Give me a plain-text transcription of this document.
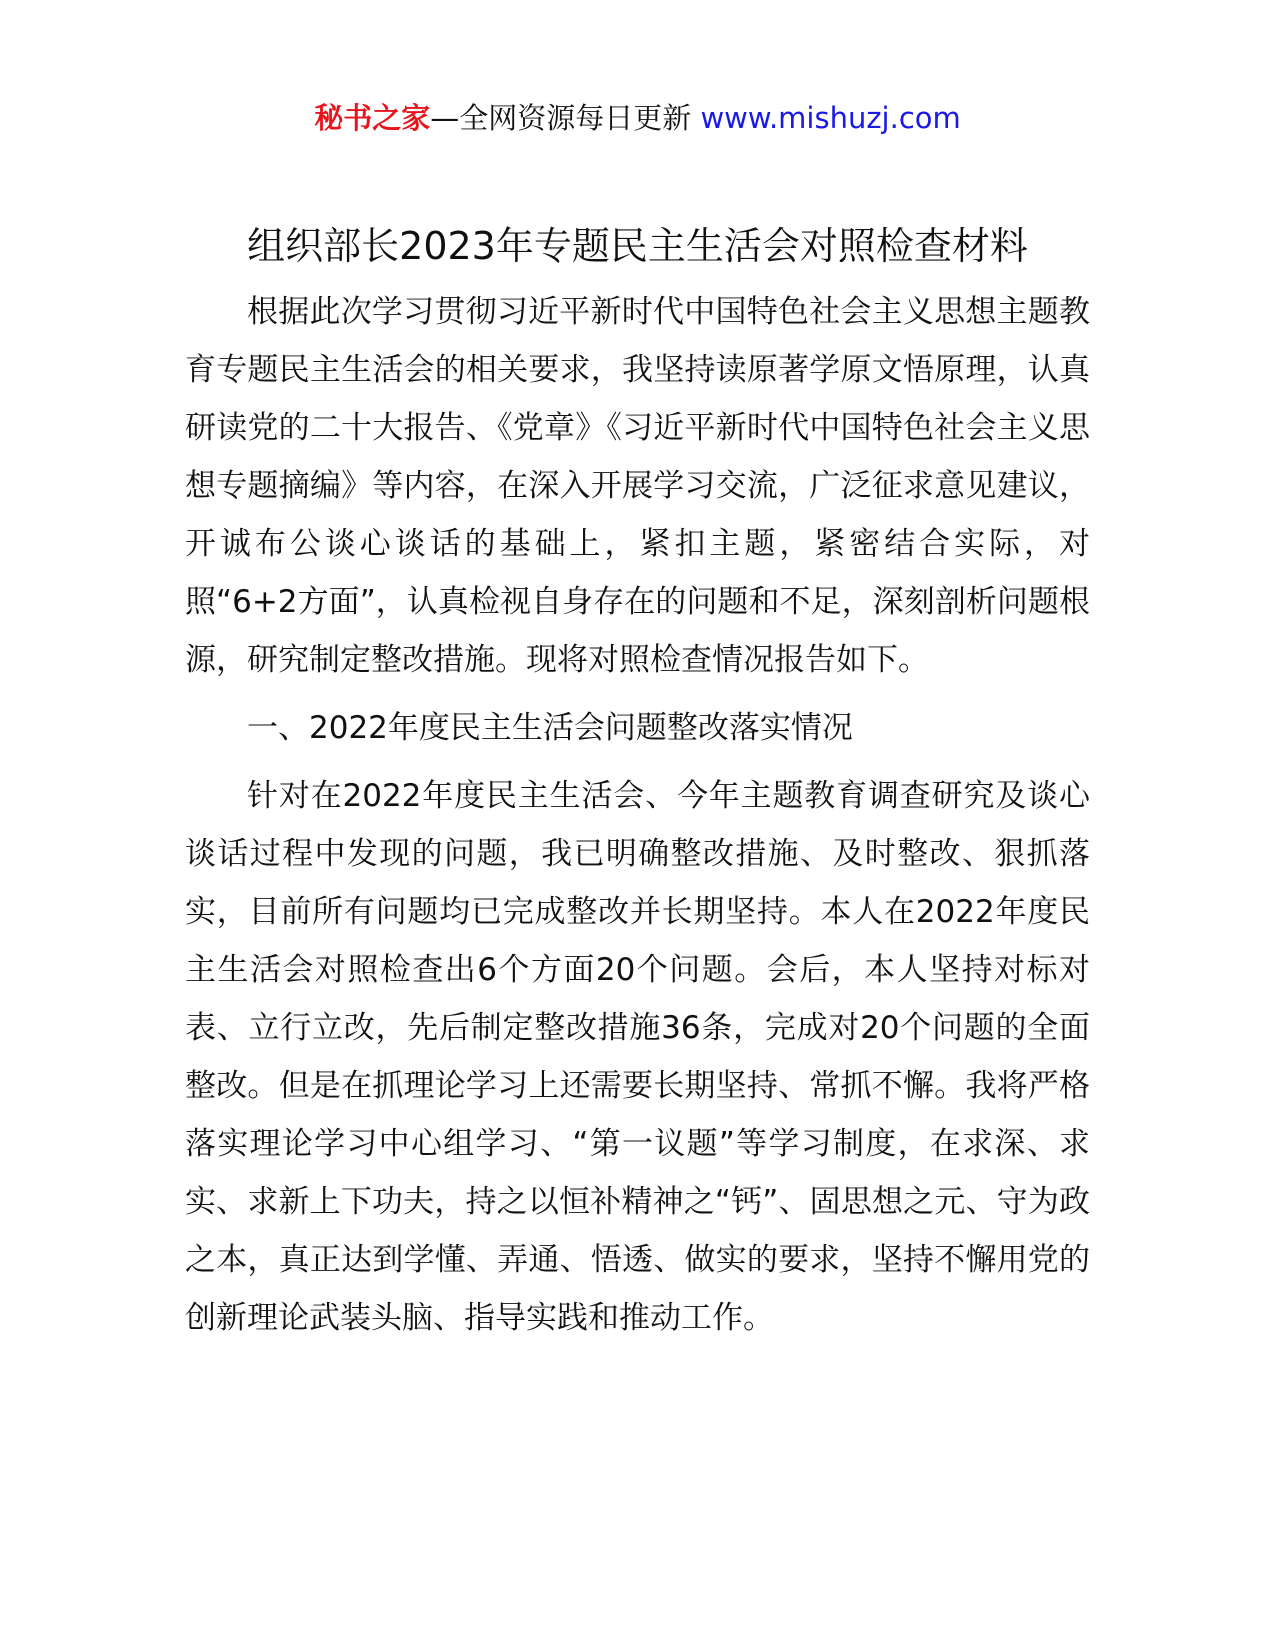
秘书之家—全网资源每日更新 www.mishuzj.com
组织部长2023年专题民主生活会对照检查材料

根据此次学习贯彻习近平新时代中国特色社会主义思想主题教育专题民主生活会的相关要求，我坚持读原著学原文悟原理，认真研读党的二十大报告、《党章》《习近平新时代中国特色社会主义思想专题摘编》等内容，在深入开展学习交流，广泛征求意见建议，开诚布公谈心谈话的基础上，紧扣主题，紧密结合实际，对照“6+2方面”，认真检视自身存在的问题和不足，深刻剖析问题根源，研究制定整改措施。现将对照检查情况报告如下。

一、2022年度民主生活会问题整改落实情况

针对在2022年度民主生活会、今年主题教育调查研究及谈心谈话过程中发现的问题，我已明确整改措施、及时整改、狠抓落实，目前所有问题均已完成整改并长期坚持。本人在2022年度民主生活会对照检查出6个方面20个问题。会后，本人坚持对标对表、立行立改，先后制定整改措施36条，完成对20个问题的全面整改。但是在抓理论学习上还需要长期坚持、常抓不懈。我将严格落实理论学习中心组学习、“第一议题”等学习制度，在求深、求实、求新上下功夫，持之以恒补精神之“钙”、固思想之元、守为政之本，真正达到学懂、弄通、悟透、做实的要求，坚持不懈用党的创新理论武装头脑、指导实践和推动工作。
